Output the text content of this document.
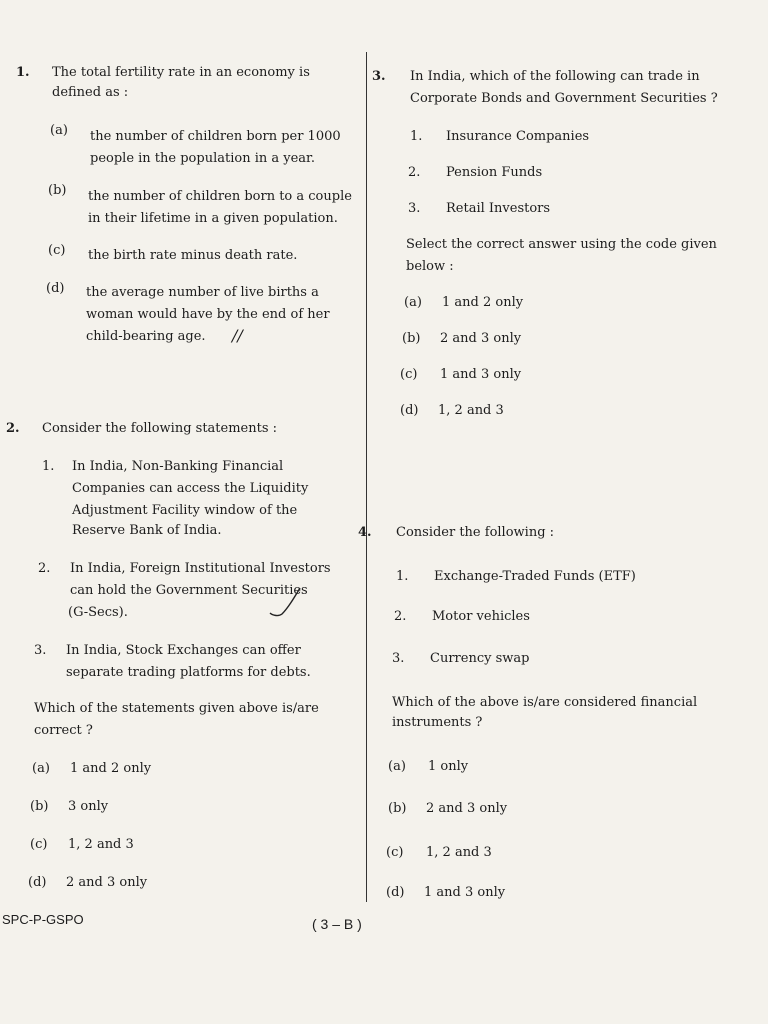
1. The total fertility rate in an economy is
defined as :
(a) the number of children born per 1000
people in the population in a year.
(b) the number of children born to a couple
in their lifetime in a given population.
(c) the birth rate minus death rate.
(d) the average number of live births a
woman would have by the end of her
child-bearing age. //
2. Consider the following statements :
1. In India, Non-Banking Financial
Companies can access the Liquidity
Adjustment Facility window of the
Reserve Bank of India.
2. In India, Foreign Institutional Investors
can hold the Government Securities
(G-Secs).
3. In India, Stock Exchanges can offer
separate trading platforms for debts.
Which of the statements given above is/are
correct ?
(a) 1 and 2 only
(b) 3 only
(c) 1, 2 and 3
(d) 2 and 3 only
3. In India, which of the following can trade in
Corporate Bonds and Government Securities ?
1. Insurance Companies
2. Pension Funds
3. Retail Investors
Select the correct answer using the code given
below :
(a) 1 and 2 only
(b) 2 and 3 only
(c) 1 and 3 only
(d) 1, 2 and 3
4. Consider the following :
1. Exchange-Traded Funds (ETF)
2. Motor vehicles
3. Currency swap
Which of the above is/are considered financial
instruments ?
(a) 1 only
(b) 2 and 3 only
(c) 1, 2 and 3
(d) 1 and 3 only
SPC-P-GSPO	( 3 – B )
